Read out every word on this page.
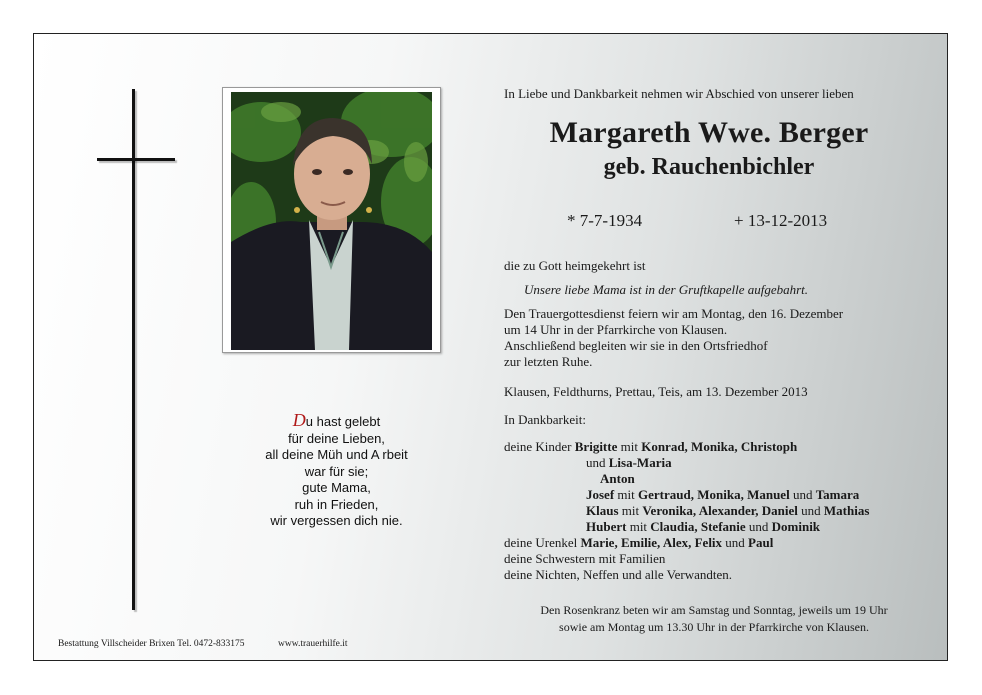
Du hast gelebt
für deine Lieben,
all deine Müh und A rbeit
war für sie;
gute Mama,
ruh in Frieden,
wir vergessen dich nie.
Bestattung Villscheider Brixen Tel. 0472-833175	www.trauerhilfe.it
In Liebe und Dankbarkeit nehmen wir Abschied von unserer lieben
Margareth Wwe. Berger
geb. Rauchenbichler
* 7-7-1934	+ 13-12-2013
die zu Gott heimgekehrt ist
Unsere liebe Mama ist in der Gruftkapelle aufgebahrt.
Den Trauergottesdienst feiern wir am Montag, den 16. Dezember
um 14 Uhr in der Pfarrkirche von Klausen.
Anschließend begleiten wir sie in den Ortsfriedhof
zur letzten Ruhe.
Klausen, Feldthurns, Prettau, Teis, am 13. Dezember 2013
In Dankbarkeit:
deine Kinder Brigitte mit Konrad, Monika, Christoph
und Lisa-Maria
Anton
Josef mit Gertraud, Monika, Manuel und Tamara
Klaus mit Veronika, Alexander, Daniel und Mathias
Hubert mit Claudia, Stefanie und Dominik
deine Urenkel Marie, Emilie, Alex, Felix und Paul
deine Schwestern mit Familien
deine Nichten, Neffen und alle Verwandten.
Den Rosenkranz beten wir am Samstag und Sonntag, jeweils um 19 Uhr
sowie am Montag um 13.30 Uhr in der Pfarrkirche von Klausen.
